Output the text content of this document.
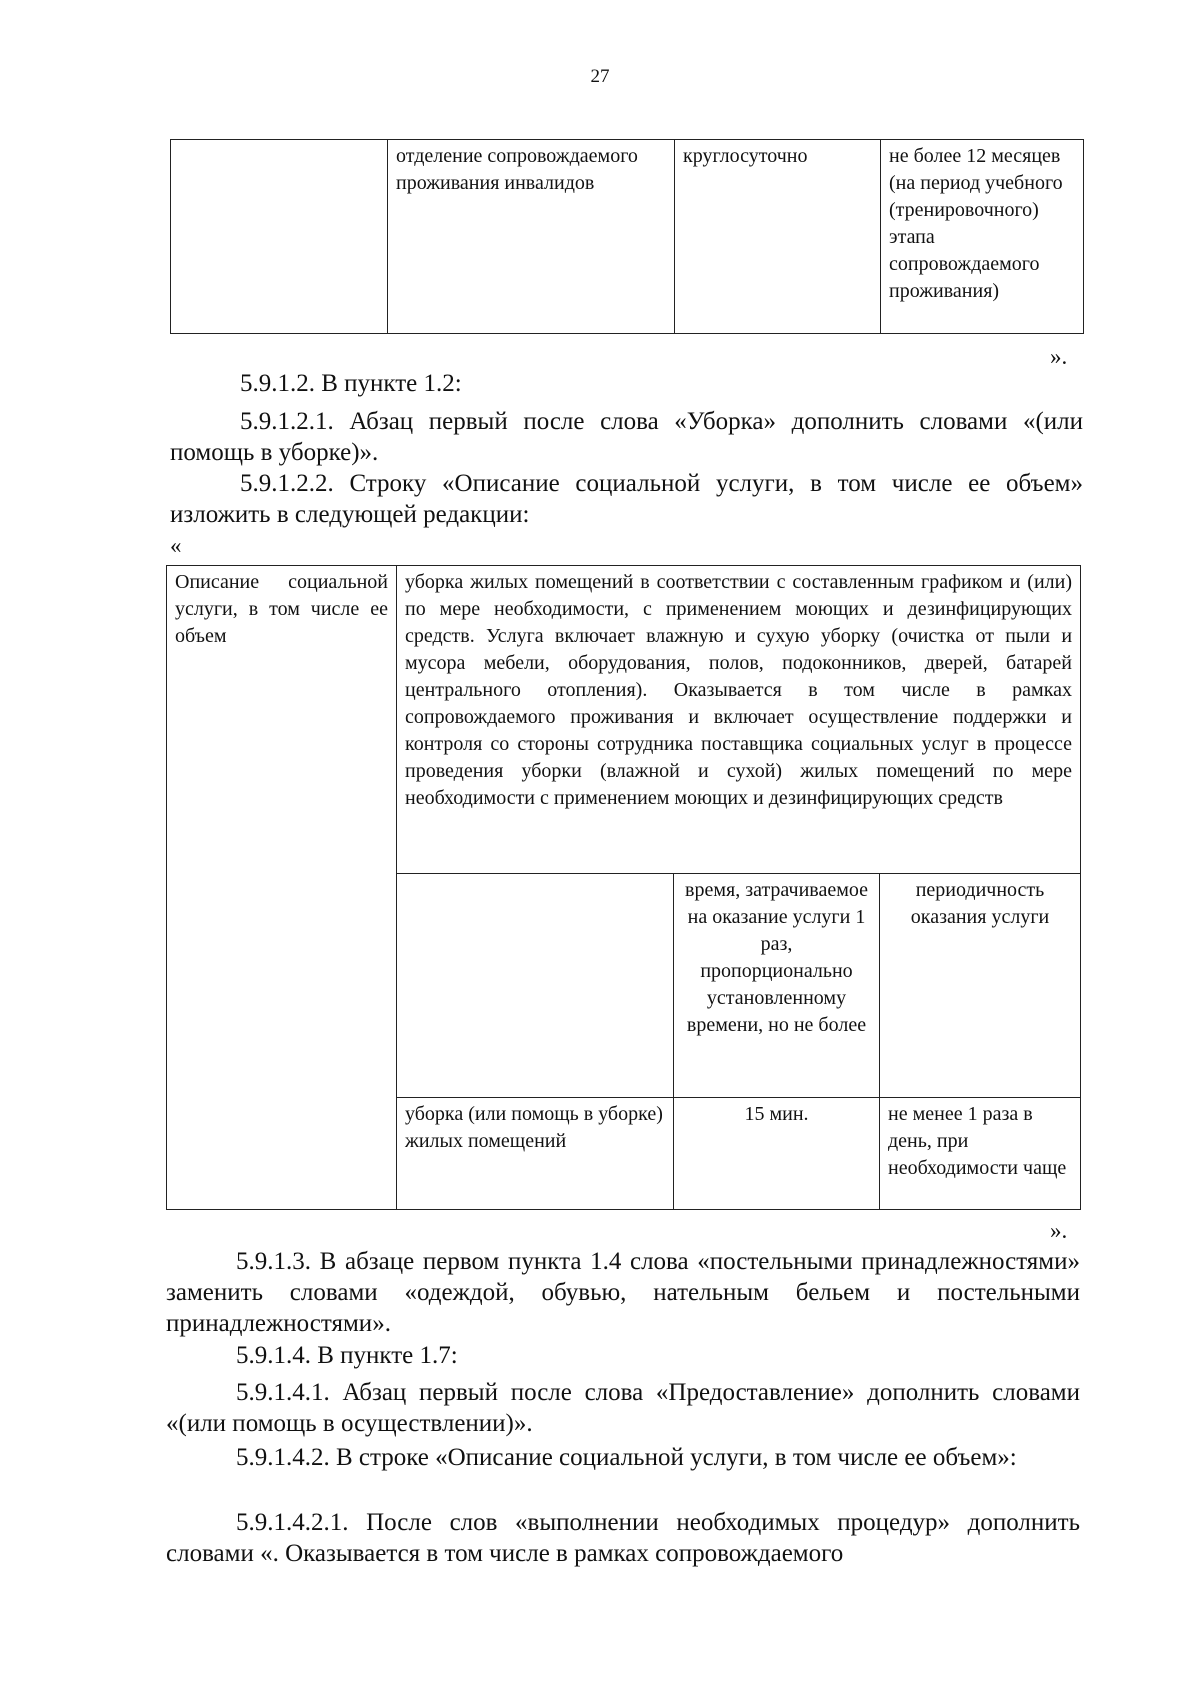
27
	отделение сопровождаемого проживания инвалидов	круглосуточно	не более 12 месяцев (на период учебного (тренировочного) этапа сопровождаемого проживания)
».
5.9.1.2. В пункте 1.2:
5.9.1.2.1. Абзац первый после слова «Уборка» дополнить словами «(или помощь в уборке)».
5.9.1.2.2. Строку «Описание социальной услуги, в том числе ее объем» изложить в следующей редакции:
«
Описание социальной услуги, в том числе ее объем	уборка жилых помещений в соответствии с составленным графиком и (или) по мере необходимости, с применением моющих и дезинфицирующих средств. Услуга включает влажную и сухую уборку (очистка от пыли и мусора мебели, оборудования, полов, подоконников, дверей, батарей центрального отопления). Оказывается в том числе в рамках сопровождаемого проживания и включает осуществление поддержки и контроля со стороны сотрудника поставщика социальных услуг в процессе проведения уборки (влажной и сухой) жилых помещений по мере необходимости с применением моющих и дезинфицирующих средств		
		время, затрачиваемое на оказание услуги 1 раз, пропорционально установленному времени, но не более	периодичность оказания услуги
	уборка (или помощь в уборке) жилых помещений	15 мин.	не менее 1 раза в день, при необходимости чаще
».
5.9.1.3. В абзаце первом пункта 1.4 слова «постельными принадлежностями» заменить словами «одеждой, обувью, нательным бельем и постельными принадлежностями».
5.9.1.4. В пункте 1.7:
5.9.1.4.1. Абзац первый после слова «Предоставление» дополнить словами «(или помощь в осуществлении)».
5.9.1.4.2. В строке «Описание социальной услуги, в том числе ее объем»:
5.9.1.4.2.1. После слов «выполнении необходимых процедур» дополнить словами «. Оказывается в том числе в рамках сопровождаемого
